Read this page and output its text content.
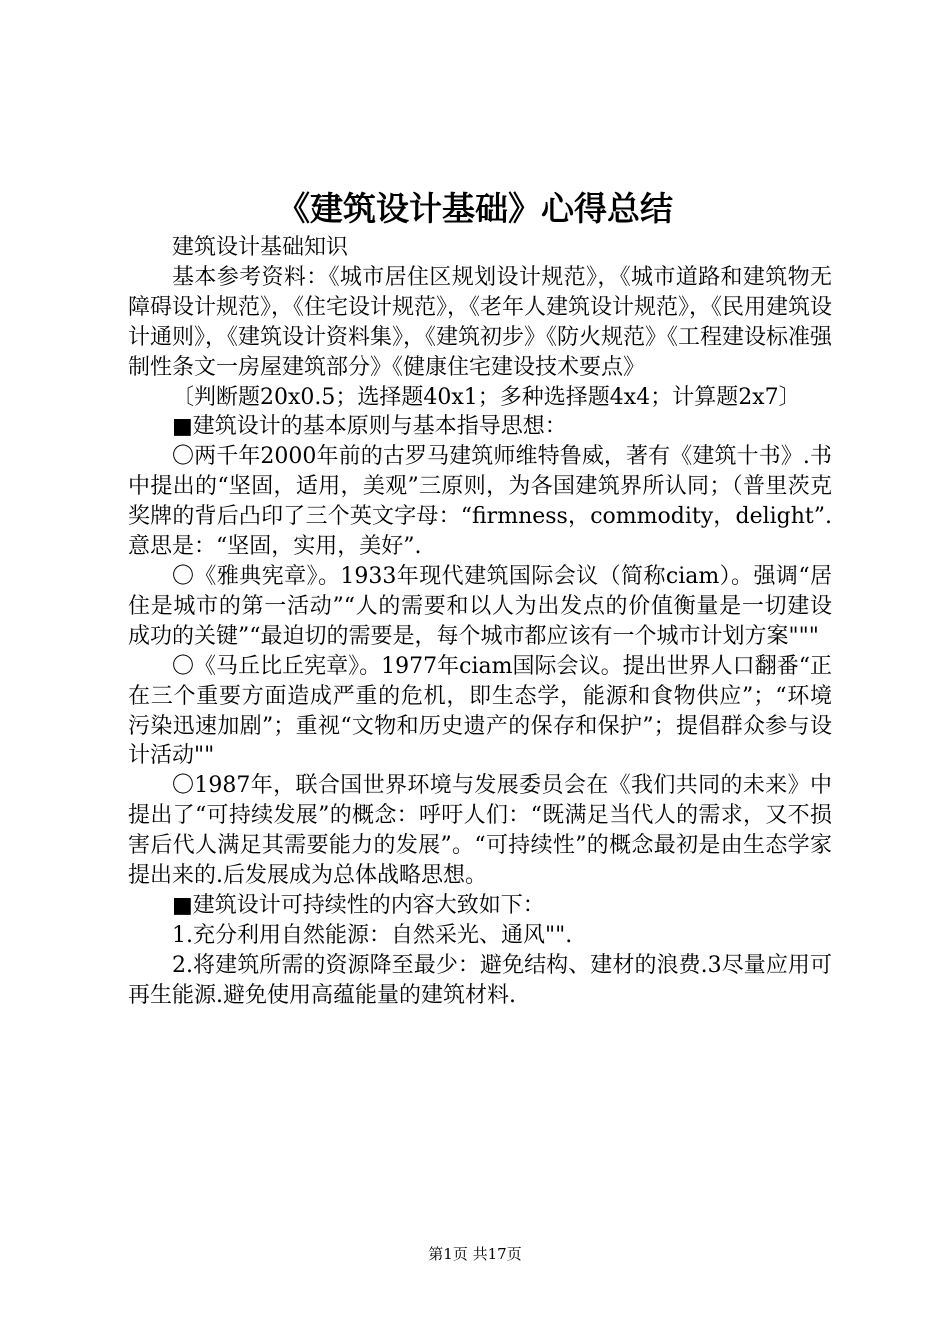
《建筑设计基础》心得总结

建筑设计基础知识

基本参考资料：《城市居住区规划设计规范》，《城市道路和建筑物无障碍设计规范》，《住宅设计规范》，《老年人建筑设计规范》，《民用建筑设计通则》，《建筑设计资料集》，《建筑初步》《防火规范》《工程建设标准强制性条文一房屋建筑部分》《健康住宅建设技术要点》

〔判断题20x0.5；选择题40x1；多种选择题4x4；计算题2x7〕

■建筑设计的基本原则与基本指导思想：

〇两千年2000年前的古罗马建筑师维特鲁威，著有《建筑十书》.书中提出的“坚固，适用，美观”三原则，为各国建筑界所认同；（普里茨克奖牌的背后凸印了三个英文字母：“firmness，commodity，delight”.意思是：“坚固，实用，美好”.

〇《雅典宪章》。1933年现代建筑国际会议（简称ciam）。强调“居住是城市的第一活动”“人的需要和以人为出发点的价值衡量是一切建设成功的关键”“最迫切的需要是，每个城市都应该有一个城市计划方案"""

〇《马丘比丘宪章》。1977年ciam国际会议。提出世界人口翻番“正在三个重要方面造成严重的危机，即生态学，能源和食物供应”；“环境污染迅速加剧”；重视“文物和历史遗产的保存和保护”；提倡群众参与设计活动""

〇1987年，联合国世界环境与发展委员会在《我们共同的未来》中提出了“可持续发展”的概念：呼吁人们：“既满足当代人的需求，又不损害后代人满足其需要能力的发展”。“可持续性”的概念最初是由生态学家提出来的.后发展成为总体战略思想。

■建筑设计可持续性的内容大致如下：

1.充分利用自然能源：自然采光、通风"".

2.将建筑所需的资源降至最少：避免结构、建材的浪费.3尽量应用可再生能源.避免使用高蕴能量的建筑材料.

第1页 共17页
